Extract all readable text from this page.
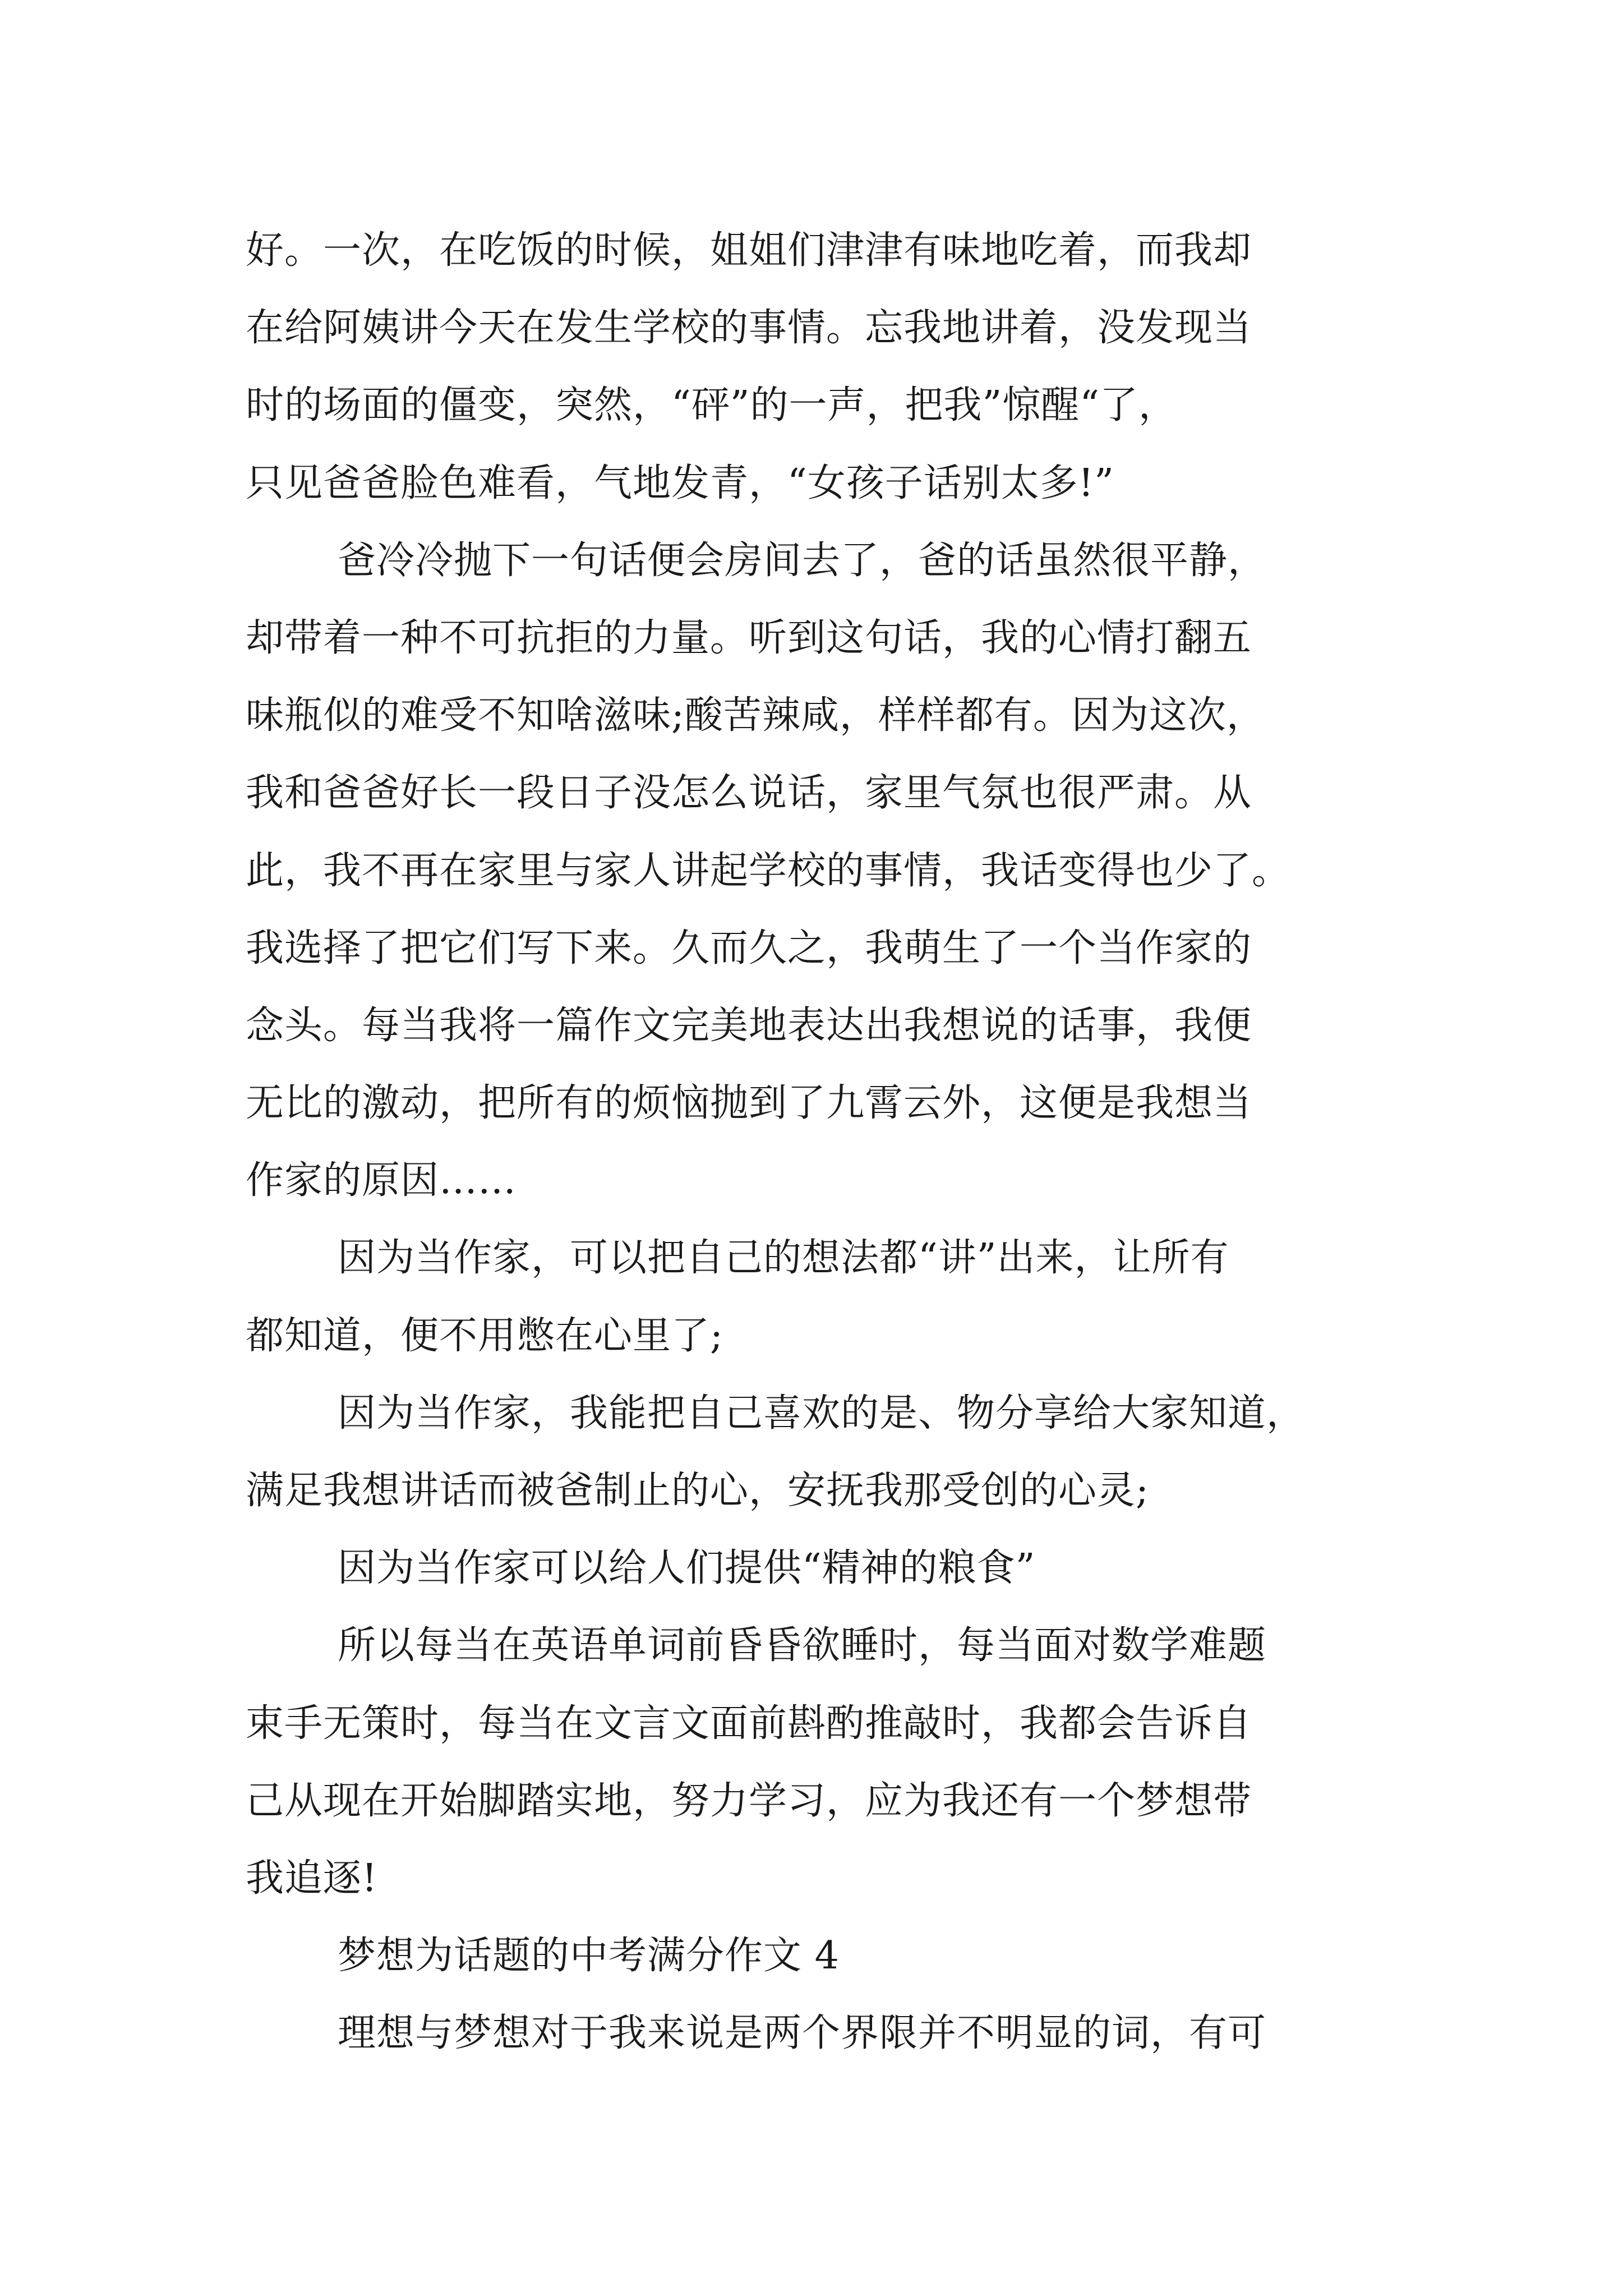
好。一次，在吃饭的时候，姐姐们津津有味地吃着，而我却
在给阿姨讲今天在发生学校的事情。忘我地讲着，没发现当
时的场面的僵变，突然，“砰”的一声，把我”惊醒“了，
只见爸爸脸色难看，气地发青，“女孩子话别太多!”
爸冷冷抛下一句话便会房间去了，爸的话虽然很平静，
却带着一种不可抗拒的力量。听到这句话，我的心情打翻五
味瓶似的难受不知啥滋味;酸苦辣咸，样样都有。因为这次，
我和爸爸好长一段日子没怎么说话，家里气氛也很严肃。从
此，我不再在家里与家人讲起学校的事情，我话变得也少了。
我选择了把它们写下来。久而久之，我萌生了一个当作家的
念头。每当我将一篇作文完美地表达出我想说的话事，我便
无比的激动，把所有的烦恼抛到了九霄云外，这便是我想当
作家的原因……
因为当作家，可以把自己的想法都“讲”出来，让所有
都知道，便不用憋在心里了;
因为当作家，我能把自己喜欢的是、物分享给大家知道，
满足我想讲话而被爸制止的心，安抚我那受创的心灵;
因为当作家可以给人们提供“精神的粮食”
所以每当在英语单词前昏昏欲睡时，每当面对数学难题
束手无策时，每当在文言文面前斟酌推敲时，我都会告诉自
己从现在开始脚踏实地，努力学习，应为我还有一个梦想带
我追逐!
梦想为话题的中考满分作文 4
理想与梦想对于我来说是两个界限并不明显的词，有可
